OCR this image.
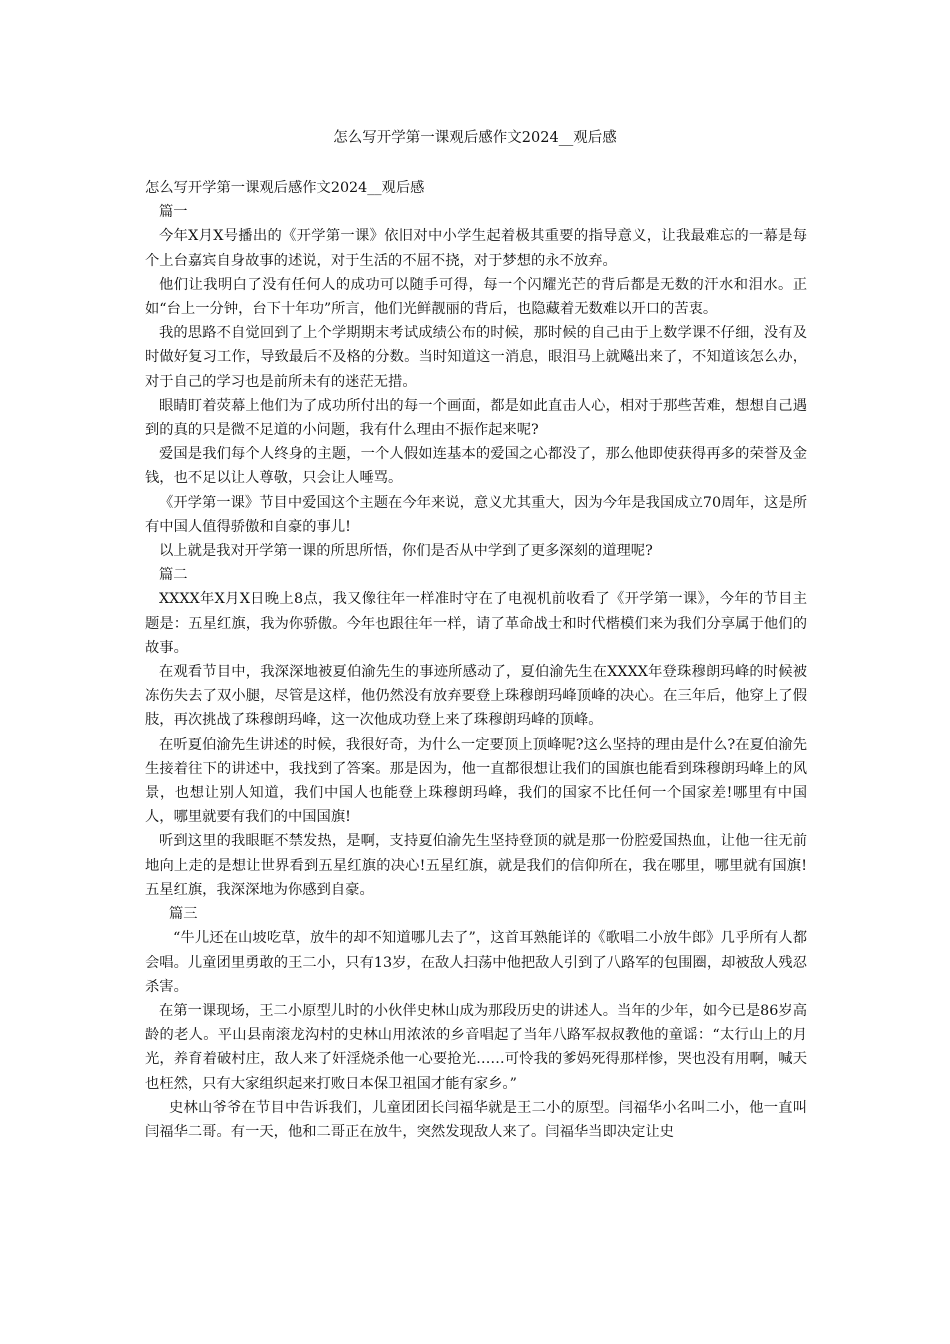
怎么写开学第一课观后感作文2024__观后感

怎么写开学第一课观后感作文2024__观后感

篇一

今年X月X号播出的《开学第一课》依旧对中小学生起着极其重要的指导意义，让我最难忘的一幕是每个上台嘉宾自身故事的述说，对于生活的不屈不挠，对于梦想的永不放弃。

他们让我明白了没有任何人的成功可以随手可得，每一个闪耀光芒的背后都是无数的汗水和泪水。正如“台上一分钟，台下十年功”所言，他们光鲜靓丽的背后，也隐藏着无数难以开口的苦衷。

我的思路不自觉回到了上个学期期末考试成绩公布的时候，那时候的自己由于上数学课不仔细，没有及时做好复习工作，导致最后不及格的分数。当时知道这一消息，眼泪马上就飚出来了，不知道该怎么办，对于自己的学习也是前所未有的迷茫无措。

眼睛盯着荧幕上他们为了成功所付出的每一个画面，都是如此直击人心，相对于那些苦难，想想自己遇到的真的只是微不足道的小问题，我有什么理由不振作起来呢?

爱国是我们每个人终身的主题，一个人假如连基本的爱国之心都没了，那么他即使获得再多的荣誉及金钱，也不足以让人尊敬，只会让人唾骂。

《开学第一课》节目中爱国这个主题在今年来说，意义尤其重大，因为今年是我国成立70周年，这是所有中国人值得骄傲和自豪的事儿!

以上就是我对开学第一课的所思所悟，你们是否从中学到了更多深刻的道理呢?

篇二

XXXX年X月X日晚上8点，我又像往年一样准时守在了电视机前收看了《开学第一课》，今年的节目主题是：五星红旗，我为你骄傲。今年也跟往年一样，请了革命战士和时代楷模们来为我们分享属于他们的故事。

在观看节目中，我深深地被夏伯渝先生的事迹所感动了，夏伯渝先生在XXXX年登珠穆朗玛峰的时候被冻伤失去了双小腿，尽管是这样，他仍然没有放弃要登上珠穆朗玛峰顶峰的决心。在三年后，他穿上了假肢，再次挑战了珠穆朗玛峰，这一次他成功登上来了珠穆朗玛峰的顶峰。

在听夏伯渝先生讲述的时候，我很好奇，为什么一定要顶上顶峰呢?这么坚持的理由是什么?在夏伯渝先生接着往下的讲述中，我找到了答案。那是因为，他一直都很想让我们的国旗也能看到珠穆朗玛峰上的风景，也想让别人知道，我们中国人也能登上珠穆朗玛峰，我们的国家不比任何一个国家差!哪里有中国人，哪里就要有我们的中国国旗!

听到这里的我眼眶不禁发热，是啊，支持夏伯渝先生坚持登顶的就是那一份腔爱国热血，让他一往无前地向上走的是想让世界看到五星红旗的决心!五星红旗，就是我们的信仰所在，我在哪里，哪里就有国旗!五星红旗，我深深地为你感到自豪。

篇三

“牛儿还在山坡吃草，放牛的却不知道哪儿去了”，这首耳熟能详的《歌唱二小放牛郎》几乎所有人都会唱。儿童团里勇敢的王二小，只有13岁，在敌人扫荡中他把敌人引到了八路军的包围圈，却被敌人残忍杀害。

在第一课现场，王二小原型儿时的小伙伴史林山成为那段历史的讲述人。当年的少年，如今已是86岁高龄的老人。平山县南滚龙沟村的史林山用浓浓的乡音唱起了当年八路军叔叔教他的童谣：“太行山上的月光，养育着破村庄，敌人来了奸淫烧杀他一心要抢光……可怜我的爹妈死得那样惨，哭也没有用啊，喊天也枉然，只有大家组织起来打败日本保卫祖国才能有家乡。”

史林山爷爷在节目中告诉我们，儿童团团长闫福华就是王二小的原型。闫福华小名叫二小，他一直叫闫福华二哥。有一天，他和二哥正在放牛，突然发现敌人来了。闫福华当即决定让史
